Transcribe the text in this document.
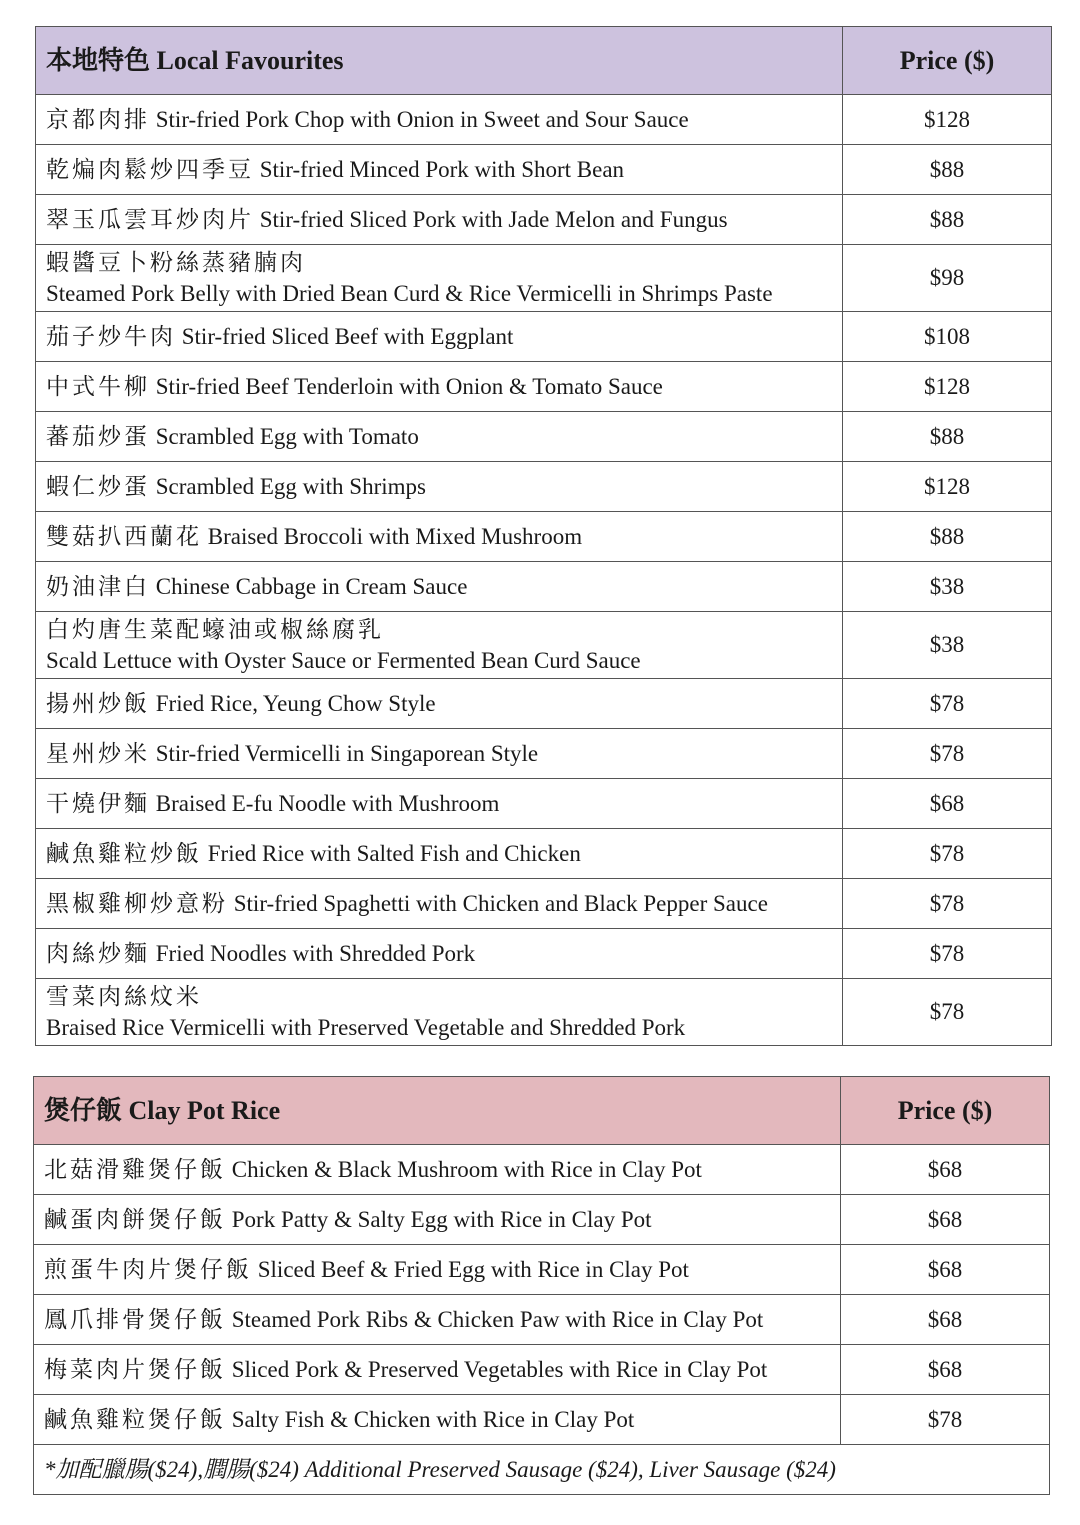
本地特色 Local Favourites	Price ($)
京都肉排 Stir-fried Pork Chop with Onion in Sweet and Sour Sauce	$128
乾煸肉鬆炒四季豆 Stir-fried Minced Pork with Short Bean	$88
翠玉瓜雲耳炒肉片 Stir-fried Sliced Pork with Jade Melon and Fungus	$88
蝦醬豆卜粉絲蒸豬腩肉
Steamed Pork Belly with Dried Bean Curd & Rice Vermicelli in Shrimps Paste	$98
茄子炒牛肉 Stir-fried Sliced Beef with Eggplant	$108
中式牛柳 Stir-fried Beef Tenderloin with Onion & Tomato Sauce	$128
蕃茄炒蛋 Scrambled Egg with Tomato	$88
蝦仁炒蛋 Scrambled Egg with Shrimps	$128
雙菇扒西蘭花 Braised Broccoli with Mixed Mushroom	$88
奶油津白 Chinese Cabbage in Cream Sauce	$38
白灼唐生菜配蠔油或椒絲腐乳
Scald Lettuce with Oyster Sauce or Fermented Bean Curd Sauce	$38
揚州炒飯 Fried Rice, Yeung Chow Style	$78
星州炒米 Stir-fried Vermicelli in Singaporean Style	$78
干燒伊麵 Braised E-fu Noodle with Mushroom	$68
鹹魚雞粒炒飯 Fried Rice with Salted Fish and Chicken	$78
黑椒雞柳炒意粉 Stir-fried Spaghetti with Chicken and Black Pepper Sauce	$78
肉絲炒麵 Fried Noodles with Shredded Pork	$78
雪菜肉絲炆米
Braised Rice Vermicelli with Preserved Vegetable and Shredded Pork	$78
煲仔飯 Clay Pot Rice	Price ($)
北菇滑雞煲仔飯 Chicken & Black Mushroom with Rice in Clay Pot	$68
鹹蛋肉餅煲仔飯 Pork Patty & Salty Egg with Rice in Clay Pot	$68
煎蛋牛肉片煲仔飯 Sliced Beef & Fried Egg with Rice in Clay Pot	$68
鳳爪排骨煲仔飯 Steamed Pork Ribs & Chicken Paw with Rice in Clay Pot	$68
梅菜肉片煲仔飯 Sliced Pork & Preserved Vegetables with Rice in Clay Pot	$68
鹹魚雞粒煲仔飯 Salty Fish & Chicken with Rice in Clay Pot	$78
*加配臘腸($24),膶腸($24) Additional Preserved Sausage ($24), Liver Sausage ($24)	
